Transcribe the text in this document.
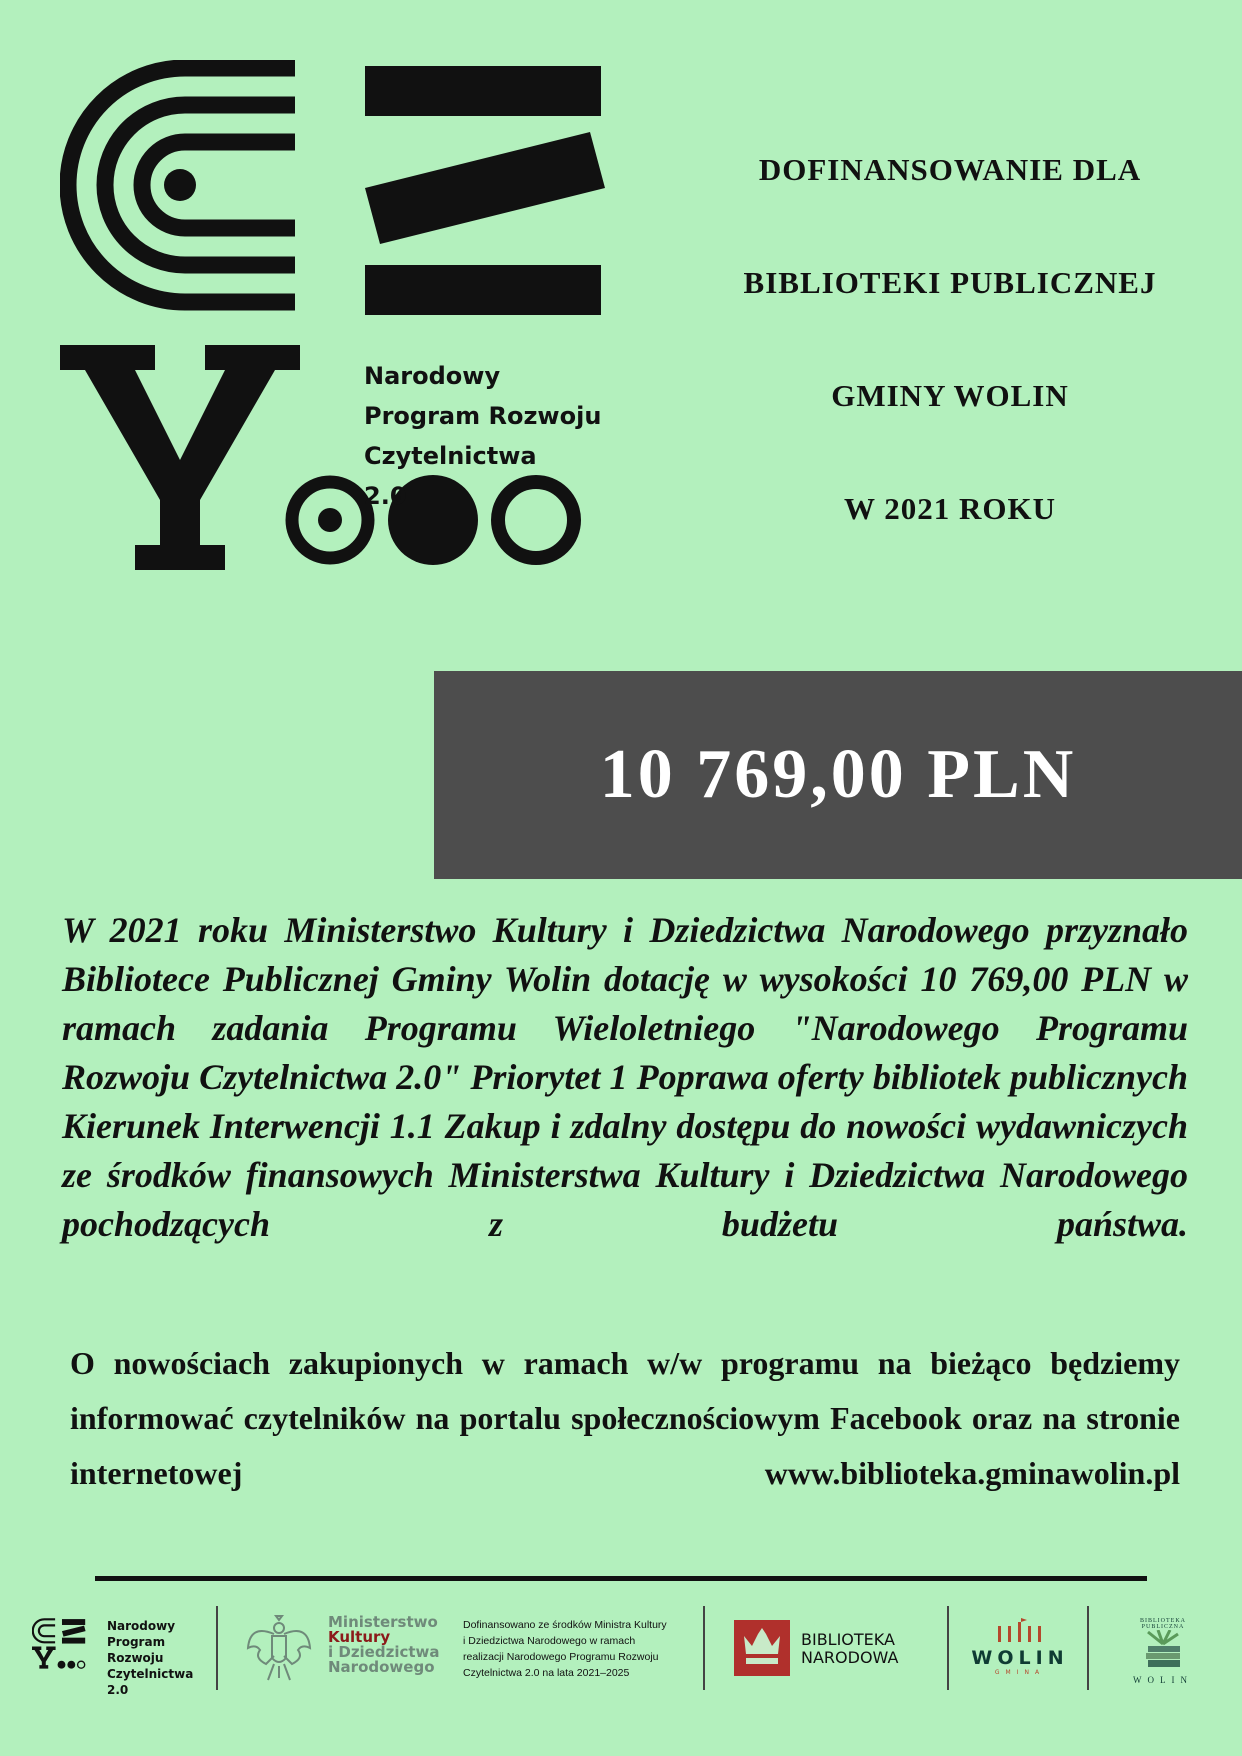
Narodowy
Program Rozwoju
Czytelnictwa
2.0
DOFINANSOWANIE DLA
BIBLIOTEKI PUBLICZNEJ
GMINY WOLIN
W 2021 ROKU
10 769,00 PLN

W 2021 roku Ministerstwo Kultury i Dziedzictwa Narodowego przyznało Bibliotece Publicznej Gminy Wolin dotację w wysokości 10 769,00 PLN w ramach zadania Programu Wieloletniego "Narodowego Programu Rozwoju Czytelnictwa 2.0" Priorytet 1 Poprawa oferty bibliotek publicznych Kierunek Interwencji 1.1 Zakup i zdalny dostępu do nowości wydawniczych ze środków finansowych Ministerstwa Kultury i Dziedzictwa Narodowego pochodzących z budżetu państwa.

O nowościach zakupionych w ramach w/w programu na bieżąco będziemy informować czytelników na portalu społecznościowym Facebook oraz na stronie internetowej www.biblioteka.gminawolin.pl

Narodowy
Program
Rozwoju
Czytelnictwa
2.0
Ministerstwo
Kultury
i Dziedzictwa
Narodowego
Dofinansowano ze środków Ministra Kultury
i Dziedzictwa Narodowego w ramach
realizacji Narodowego Programu Rozwoju
Czytelnictwa 2.0 na lata 2021–2025
BIBLIOTEKA
NARODOWA	WOLIN
GMINA
BIBLIOTEKA PUBLICZNA
WOLIN
